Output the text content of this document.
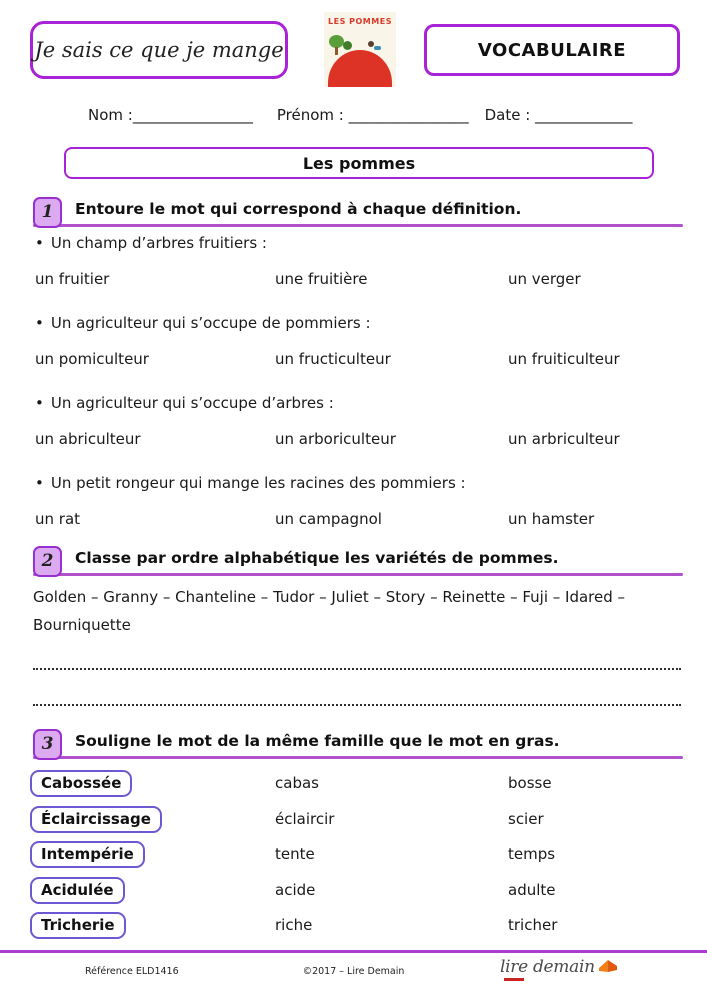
Je sais ce que je mange
LES POMMES
VOCABULAIRE
Nom :________________ Prénom : ________________ Date : _____________
Les pommes
1	Entoure le mot qui correspond à chaque définition.
• Un champ d’arbres fruitiers :
un fruitier	une fruitière	un verger
• Un agriculteur qui s’occupe de pommiers :
un pomiculteur	un fructiculteur	un fruiticulteur
• Un agriculteur qui s’occupe d’arbres :
un abriculteur	un arboriculteur	un arbriculteur
• Un petit rongeur qui mange les racines des pommiers :
un rat	un campagnol	un hamster
2	Classe par ordre alphabétique les variétés de pommes.
Golden – Granny – Chanteline – Tudor – Juliet – Story – Reinette – Fuji – Idared – Bourniquette
3	Souligne le mot de la même famille que le mot en gras.
Cabossée	cabas	bosse
Éclaircissage	éclaircir	scier
Intempérie	tente	temps
Acidulée	acide	adulte
Tricherie	riche	tricher
Référence ELD1416	©2017 – Lire Demain	lire demain
